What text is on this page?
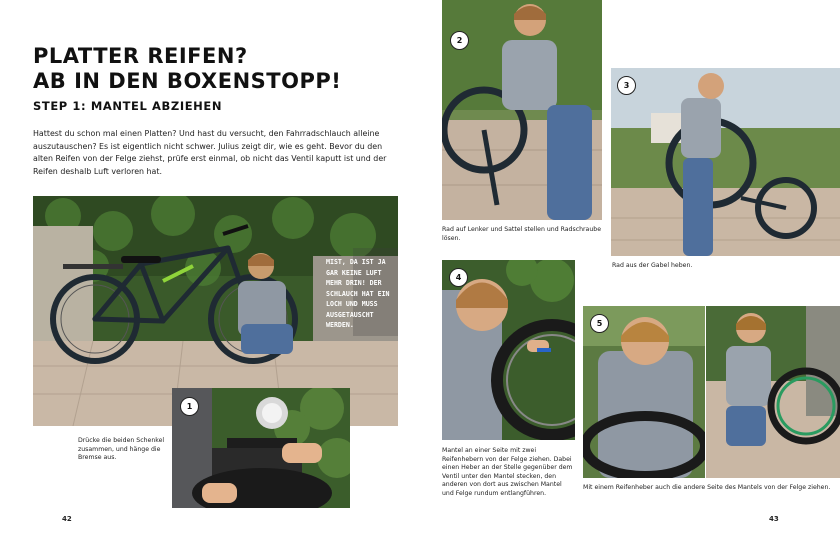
PLATTER REIFEN?
AB IN DEN BOXENSTOPP!
STEP 1: MANTEL ABZIEHEN
Hattest du schon mal einen Platten? Und hast du versucht, den Fahrradschlauch alleine auszutauschen? Es ist eigentlich nicht schwer. Julius zeigt dir, wie es geht. Bevor du den alten Reifen von der Felge ziehst, prüfe erst einmal, ob nicht das Ventil kaputt ist und der Reifen deshalb Luft verloren hat.
MIST, DA IST JA GAR KEINE LUFT MEHR DRIN! DER SCHLAUCH HAT EIN LOCH UND MUSS AUSGETAUSCHT WERDEN.
1
Drücke die beiden Schenkel zusammen, und hänge die Bremse aus.
42
2
Rad auf Lenker und Sattel stellen und Radschraube lösen.
3
Rad aus der Gabel heben.
4
Mantel an einer Seite mit zwei Reifenhebern von der Felge ziehen. Dabei einen Heber an der Stelle gegenüber dem Ventil unter den Mantel stecken, den anderen von dort aus zwischen Mantel und Felge rundum entlangführen.
5
Mit einem Reifenheber auch die andere Seite des Mantels von der Felge ziehen.
43
